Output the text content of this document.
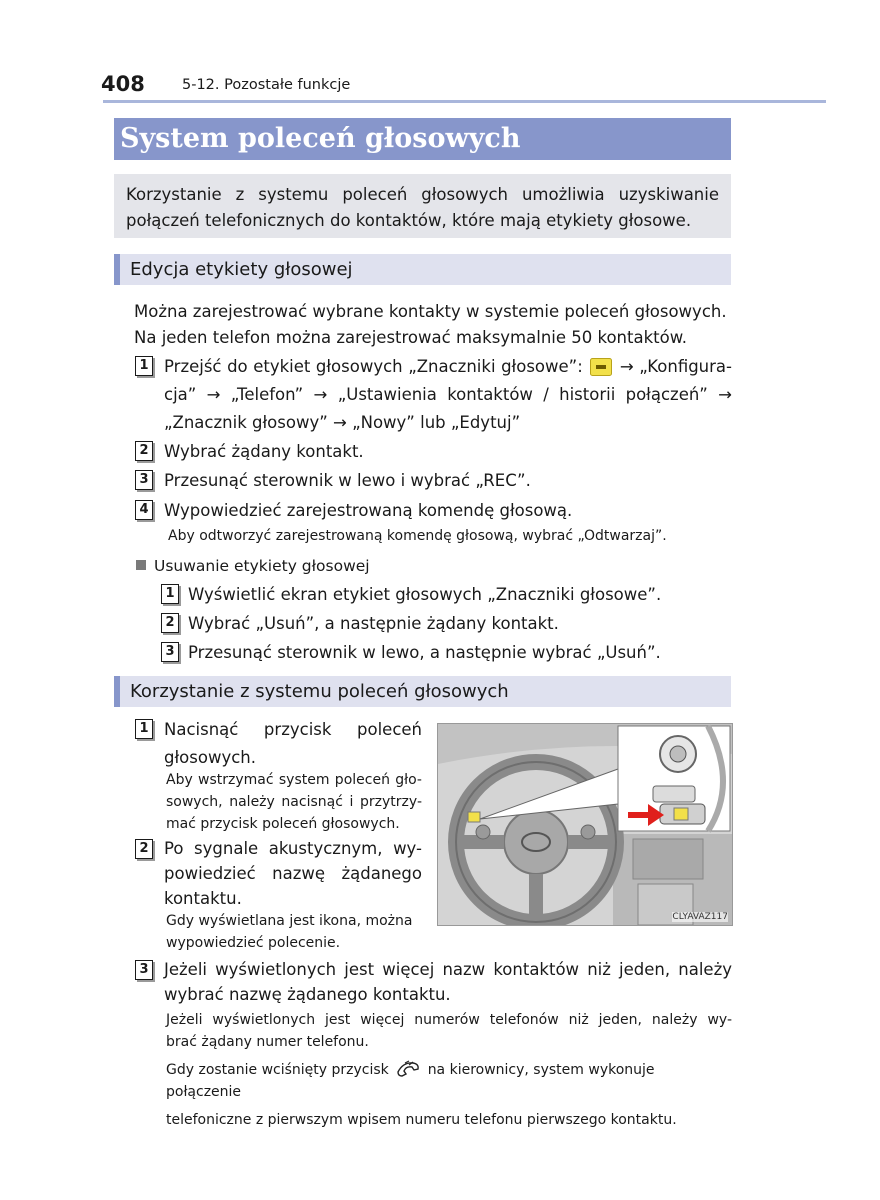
408	5-12. Pozostałe funkcje
System poleceń głosowych
Korzystanie z systemu poleceń głosowych umożliwia uzyskiwanie
połączeń telefonicznych do kontaktów, które mają etykiety głosowe.
Edycja etykiety głosowej
Można zarejestrować wybrane kontakty w systemie poleceń głosowych.
Na jeden telefon można zarejestrować maksymalnie 50 kontaktów.
1 Przejść do etykiet głosowych „Znaczniki głosowe”: → „Konfigura-
cja” → „Telefon” → „Ustawienia kontaktów / historii połączeń” →
„Znacznik głosowy” → „Nowy” lub „Edytuj”
2 Wybrać żądany kontakt.
3 Przesunąć sterownik w lewo i wybrać „REC”.
4 Wypowiedzieć zarejestrowaną komendę głosową.
Aby odtworzyć zarejestrowaną komendę głosową, wybrać „Odtwarzaj”.
Usuwanie etykiety głosowej
1 Wyświetlić ekran etykiet głosowych „Znaczniki głosowe”.
2 Wybrać „Usuń”, a następnie żądany kontakt.
3 Przesunąć sterownik w lewo, a następnie wybrać „Usuń”.
Korzystanie z systemu poleceń głosowych
1 Nacisnąć przycisk poleceń
głosowych.
Aby wstrzymać system poleceń gło-
sowych, należy nacisnąć i przytrzy-
mać przycisk poleceń głosowych.
2 Po sygnale akustycznym, wy-
powiedzieć nazwę żądanego
kontaktu.
Gdy wyświetlana jest ikona, można
wypowiedzieć polecenie.
CLYAVAZ117
3 Jeżeli wyświetlonych jest więcej nazw kontaktów niż jeden, należy
wybrać nazwę żądanego kontaktu.
Jeżeli wyświetlonych jest więcej numerów telefonów niż jeden, należy wy-
brać żądany numer telefonu.
Gdy zostanie wciśnięty przycisk	na kierownicy, system wykonuje połączenie
telefoniczne z pierwszym wpisem numeru telefonu pierwszego kontaktu.
